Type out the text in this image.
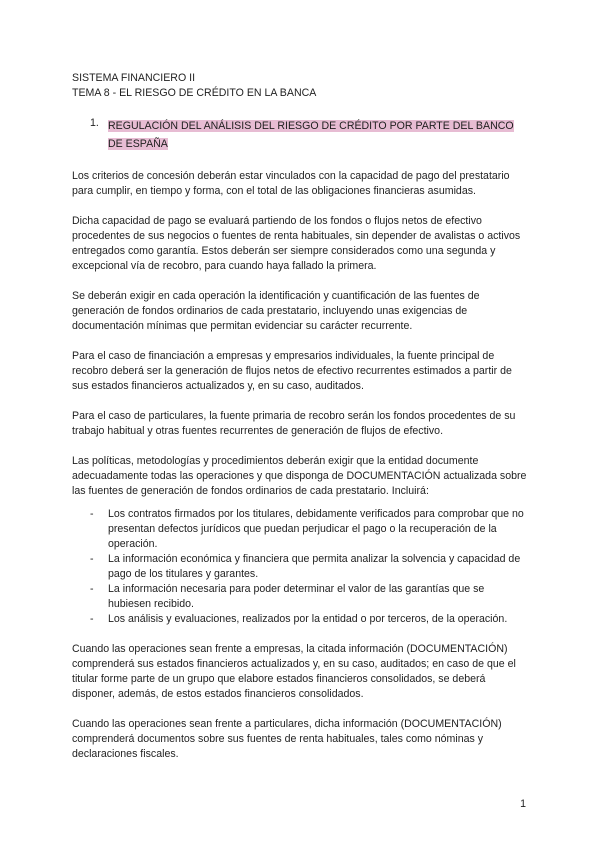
SISTEMA FINANCIERO II

TEMA 8 - EL RIESGO DE CRÉDITO EN LA BANCA

1. REGULACIÓN DEL ANÁLISIS DEL RIESGO DE CRÉDITO POR PARTE DEL BANCO DE ESPAÑA

Los criterios de concesión deberán estar vinculados con la capacidad de pago del prestatario para cumplir, en tiempo y forma, con el total de las obligaciones financieras asumidas.

Dicha capacidad de pago se evaluará partiendo de los fondos o flujos netos de efectivo procedentes de sus negocios o fuentes de renta habituales, sin depender de avalistas o activos entregados como garantía. Estos deberán ser siempre considerados como una segunda y excepcional vía de recobro, para cuando haya fallado la primera.

Se deberán exigir en cada operación la identificación y cuantificación de las fuentes de generación de fondos ordinarios de cada prestatario, incluyendo unas exigencias de documentación mínimas que permitan evidenciar su carácter recurrente.

Para el caso de financiación a empresas y empresarios individuales, la fuente principal de recobro deberá ser la generación de flujos netos de efectivo recurrentes estimados a partir de sus estados financieros actualizados y, en su caso, auditados.

Para el caso de particulares, la fuente primaria de recobro serán los fondos procedentes de su trabajo habitual y otras fuentes recurrentes de generación de flujos de efectivo.

Las políticas, metodologías y procedimientos deberán exigir que la entidad documente adecuadamente todas las operaciones y que disponga de DOCUMENTACIÓN actualizada sobre las fuentes de generación de fondos ordinarios de cada prestatario. Incluirá:

- Los contratos firmados por los titulares, debidamente verificados para comprobar que no presentan defectos jurídicos que puedan perjudicar el pago o la recuperación de la operación.
- La información económica y financiera que permita analizar la solvencia y capacidad de pago de los titulares y garantes.
- La información necesaria para poder determinar el valor de las garantías que se hubiesen recibido.
- Los análisis y evaluaciones, realizados por la entidad o por terceros, de la operación.

Cuando las operaciones sean frente a empresas, la citada información (DOCUMENTACIÓN) comprenderá sus estados financieros actualizados y, en su caso, auditados; en caso de que el titular forme parte de un grupo que elabore estados financieros consolidados, se deberá disponer, además, de estos estados financieros consolidados.

Cuando las operaciones sean frente a particulares, dicha información (DOCUMENTACIÓN) comprenderá documentos sobre sus fuentes de renta habituales, tales como nóminas y declaraciones fiscales.

1
